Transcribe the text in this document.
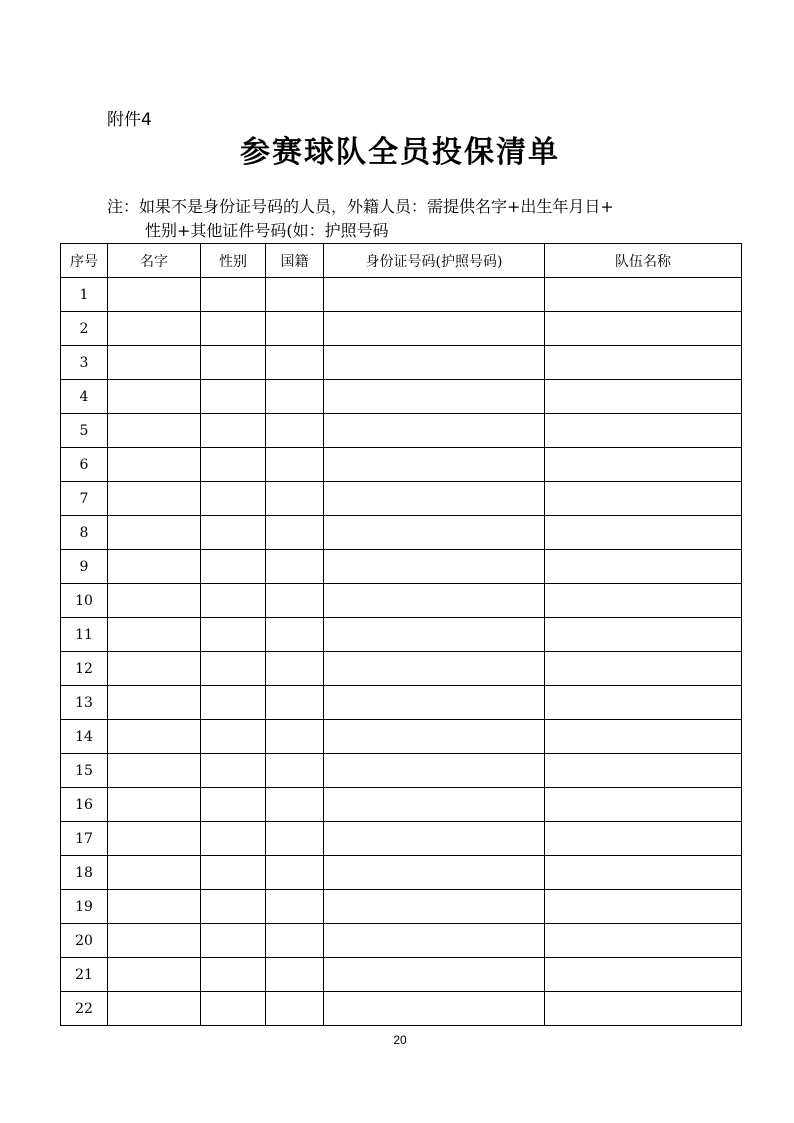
附件4
参赛球队全员投保清单
注：如果不是身份证号码的人员，外籍人员：需提供名字+出生年月日+
性别+其他证件号码(如：护照号码
序号	名字	性别	国籍	身份证号码(护照号码)	队伍名称
1					
2					
3					
4					
5					
6					
7					
8					
9					
10					
11					
12					
13					
14					
15					
16					
17					
18					
19					
20					
21					
22					
20
